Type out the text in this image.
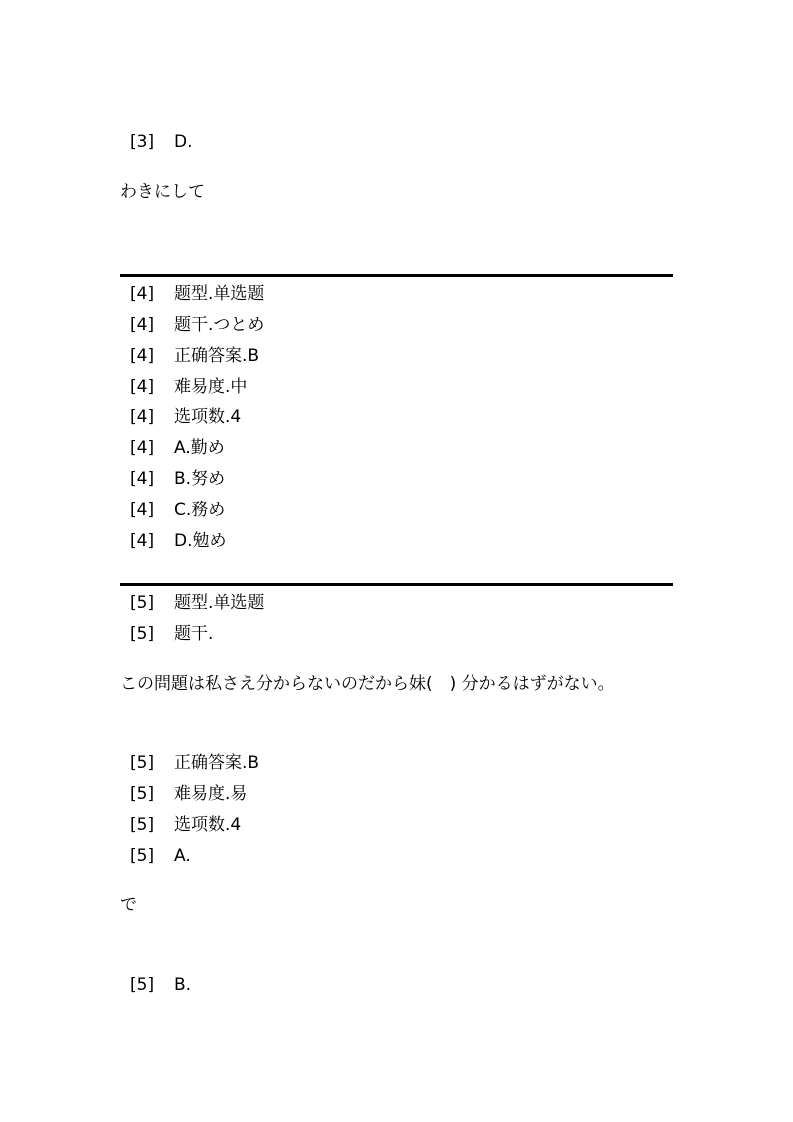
[3] D.
わきにして
[4] 题型.单选题
[4] 题干.つとめ
[4] 正确答案.B
[4] 难易度.中
[4] 选项数.4
[4] A.勤め
[4] B.努め
[4] C.務め
[4] D.勉め
[5] 题型.单选题
[5] 题干.
この問題は私さえ分からないのだから妹(　) 分かるはずがない。
[5] 正确答案.B
[5] 难易度.易
[5] 选项数.4
[5] A.
で
[5] B.
